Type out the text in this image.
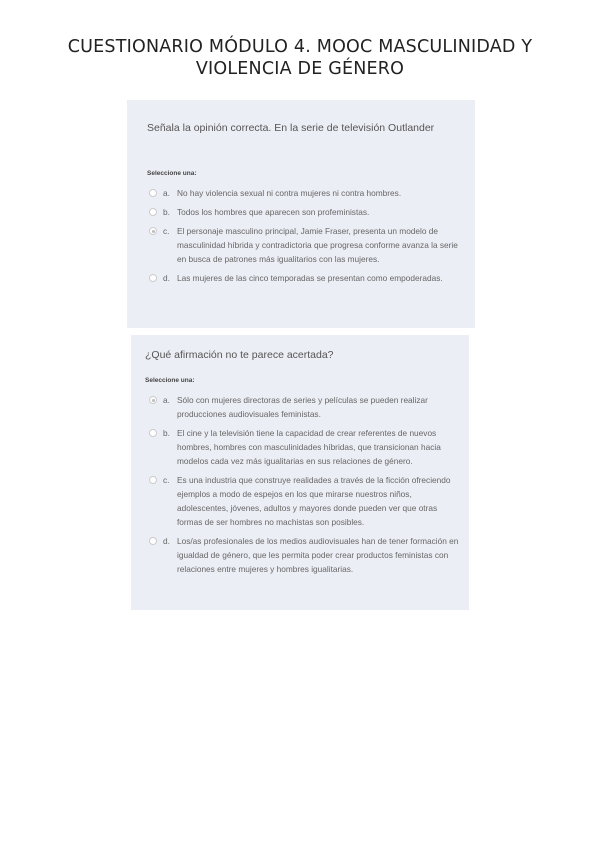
CUESTIONARIO MÓDULO 4. MOOC MASCULINIDAD Y VIOLENCIA DE GÉNERO
Señala la opinión correcta. En la serie de televisión Outlander
Seleccione una:
a. No hay violencia sexual ni contra mujeres ni contra hombres.
b. Todos los hombres que aparecen son profeministas.
c. El personaje masculino principal, Jamie Fraser, presenta un modelo de masculinidad híbrida y contradictoria que progresa conforme avanza la serie en busca de patrones más igualitarios con las mujeres.
d. Las mujeres de las cinco temporadas se presentan como empoderadas.
¿Qué afirmación no te parece acertada?
Seleccione una:
a. Sólo con mujeres directoras de series y películas se pueden realizar producciones audiovisuales feministas.
b. El cine y la televisión tiene la capacidad de crear referentes de nuevos hombres, hombres con masculinidades híbridas, que transicionan hacia modelos cada vez más igualitarias en sus relaciones de género.
c. Es una industria que construye realidades a través de la ficción ofreciendo ejemplos a modo de espejos en los que mirarse nuestros niños, adolescentes, jóvenes, adultos y mayores donde pueden ver que otras formas de ser hombres no machistas son posibles.
d. Los/as profesionales de los medios audiovisuales han de tener formación en igualdad de género, que les permita poder crear productos feministas con relaciones entre mujeres y hombres igualitarias.
